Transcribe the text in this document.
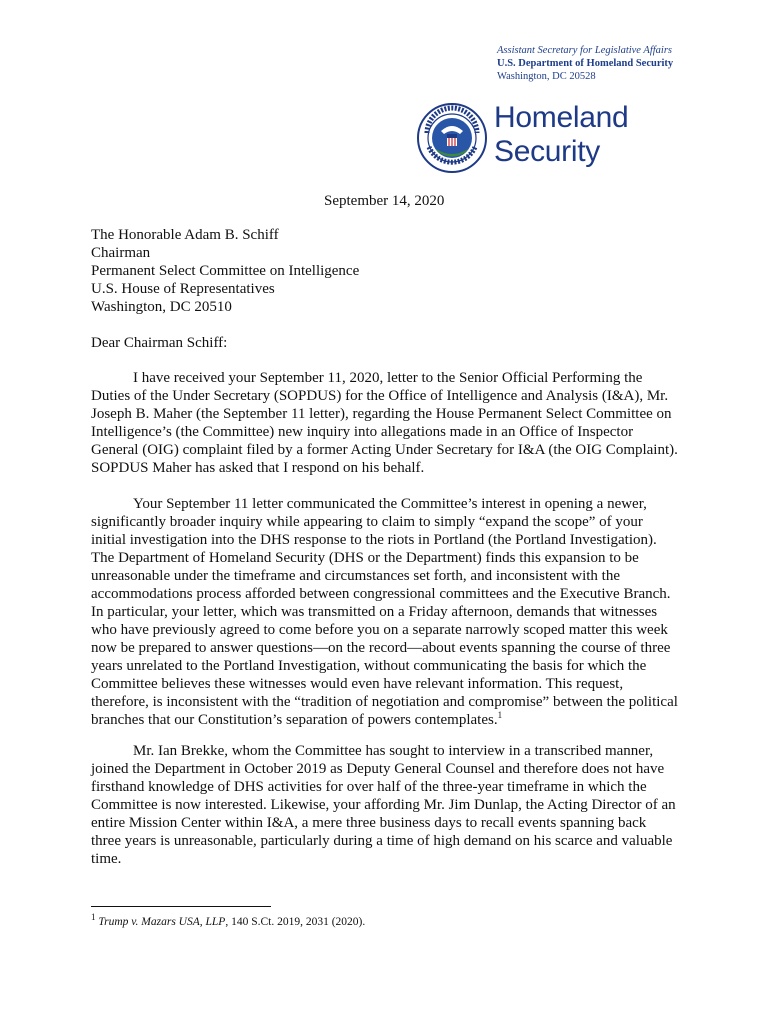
Assistant Secretary for Legislative Affairs
U.S. Department of Homeland Security
Washington, DC 20528
Homeland
Security
September 14, 2020
The Honorable Adam B. Schiff
Chairman
Permanent Select Committee on Intelligence
U.S. House of Representatives
Washington, DC 20510
Dear Chairman Schiff:
I have received your September 11, 2020, letter to the Senior Official Performing the Duties of the Under Secretary (SOPDUS) for the Office of Intelligence and Analysis (I&A), Mr. Joseph B. Maher (the September 11 letter), regarding the House Permanent Select Committee on Intelligence’s (the Committee) new inquiry into allegations made in an Office of Inspector General (OIG) complaint filed by a former Acting Under Secretary for I&A (the OIG Complaint). SOPDUS Maher has asked that I respond on his behalf.
Your September 11 letter communicated the Committee’s interest in opening a newer, significantly broader inquiry while appearing to claim to simply “expand the scope” of your initial investigation into the DHS response to the riots in Portland (the Portland Investigation). The Department of Homeland Security (DHS or the Department) finds this expansion to be unreasonable under the timeframe and circumstances set forth, and inconsistent with the accommodations process afforded between congressional committees and the Executive Branch. In particular, your letter, which was transmitted on a Friday afternoon, demands that witnesses who have previously agreed to come before you on a separate narrowly scoped matter this week now be prepared to answer questions—on the record—about events spanning the course of three years unrelated to the Portland Investigation, without communicating the basis for which the Committee believes these witnesses would even have relevant information. This request, therefore, is inconsistent with the “tradition of negotiation and compromise” between the political branches that our Constitution’s separation of powers contemplates.$^1$
Mr. Ian Brekke, whom the Committee has sought to interview in a transcribed manner, joined the Department in October 2019 as Deputy General Counsel and therefore does not have firsthand knowledge of DHS activities for over half of the three-year timeframe in which the Committee is now interested. Likewise, your affording Mr. Jim Dunlap, the Acting Director of an entire Mission Center within I&A, a mere three business days to recall events spanning back three years is unreasonable, particularly during a time of high demand on his scarce and valuable time.
$^1$ Trump v. Mazars USA, LLP, 140 S.Ct. 2019, 2031 (2020).
